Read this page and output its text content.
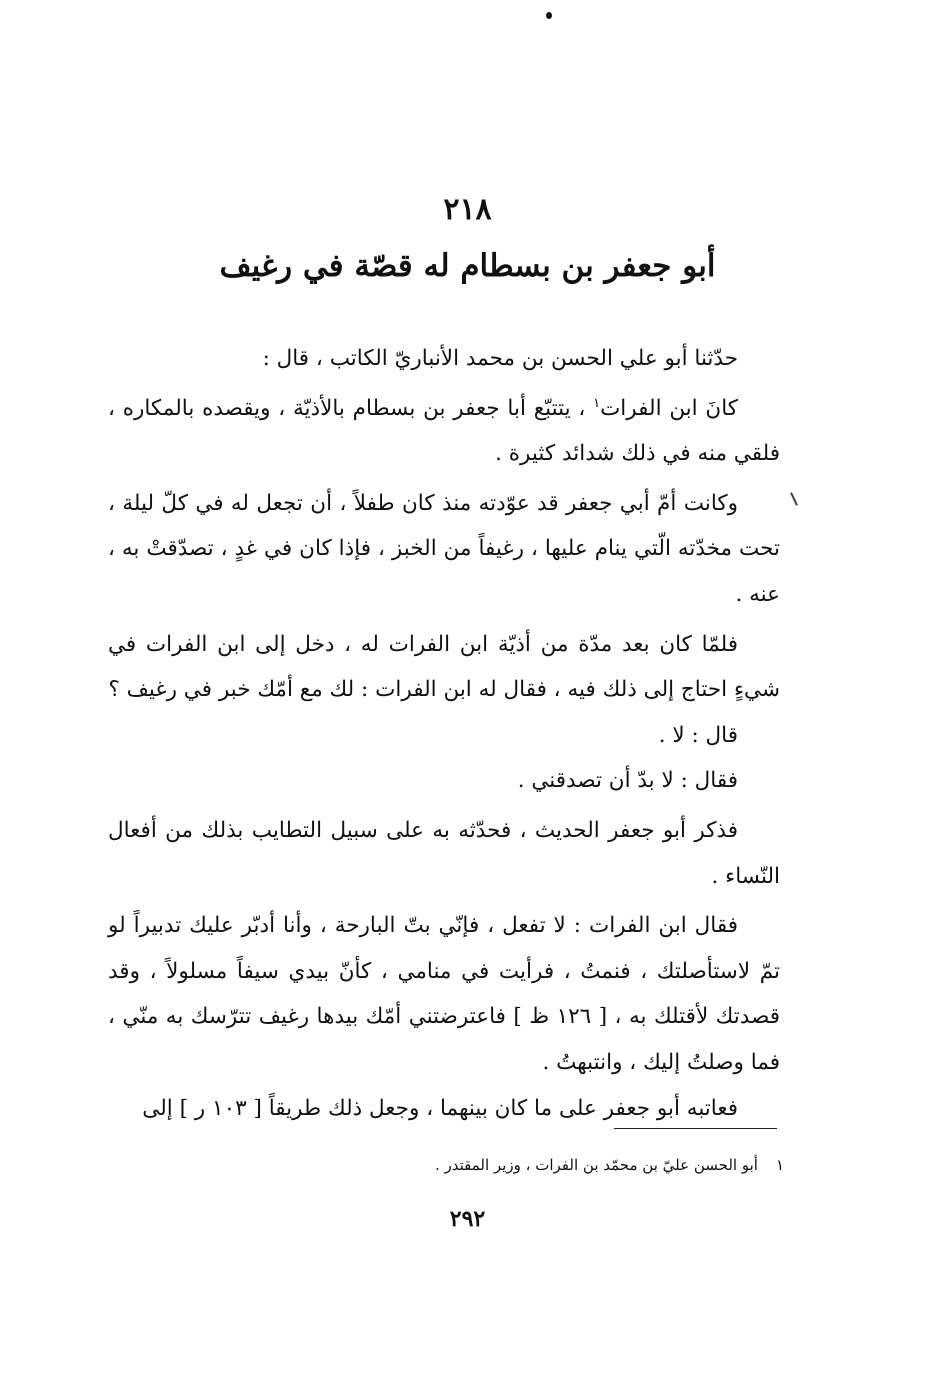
٢١٨
أبو جعفر بن بسطام له قصّة في رغيف

حدّثنا أبو علي الحسن بن محمد الأنباريّ الكاتب ، قال :

كانَ ابن الفرات$^١$ ، يتتبّع أبا جعفر بن بسطام بالأذيّة ، ويقصده بالمكاره ، فلقي منه في ذلك شدائد كثيرة .

وكانت أمّ أبي جعفر قد عوّدته منذ كان طفلاً ، أن تجعل له في كلّ ليلة ، تحت مخدّته الّتي ينام عليها ، رغيفاً من الخبز ، فإذا كان في غدٍ ، تصدّقتْ به ، عنه .

فلمّا كان بعد مدّة من أذيّة ابن الفرات له ، دخل إلى ابن الفرات في شيءٍ احتاج إلى ذلك فيه ، فقال له ابن الفرات : لك مع أمّك خبر في رغيف ؟

قال : لا .

فقال : لا بدّ أن تصدقني .

فذكر أبو جعفر الحديث ، فحدّثه به على سبيل التطايب بذلك من أفعال النّساء .

فقال ابن الفرات : لا تفعل ، فإنّي بتّ البارحة ، وأنا أدبّر عليك تدبيراً لو تمّ لاستأصلتك ، فنمتُ ، فرأيت في منامي ، كأنّ بيدي سيفاً مسلولاً ، وقد قصدتك لأقتلك به ، [ ١٢٦ ظ ] فاعترضتني أمّك بيدها رغيف تترّسك به منّي ، فما وصلتُ إليك ، وانتبهتُ .

فعاتبه أبو جعفر على ما كان بينهما ، وجعل ذلك طريقاً [ ١٠٣ ر ] إلى

١أبو الحسن عليّ بن محمّد بن الفرات ، وزير المقتدر .
٢٩٢
